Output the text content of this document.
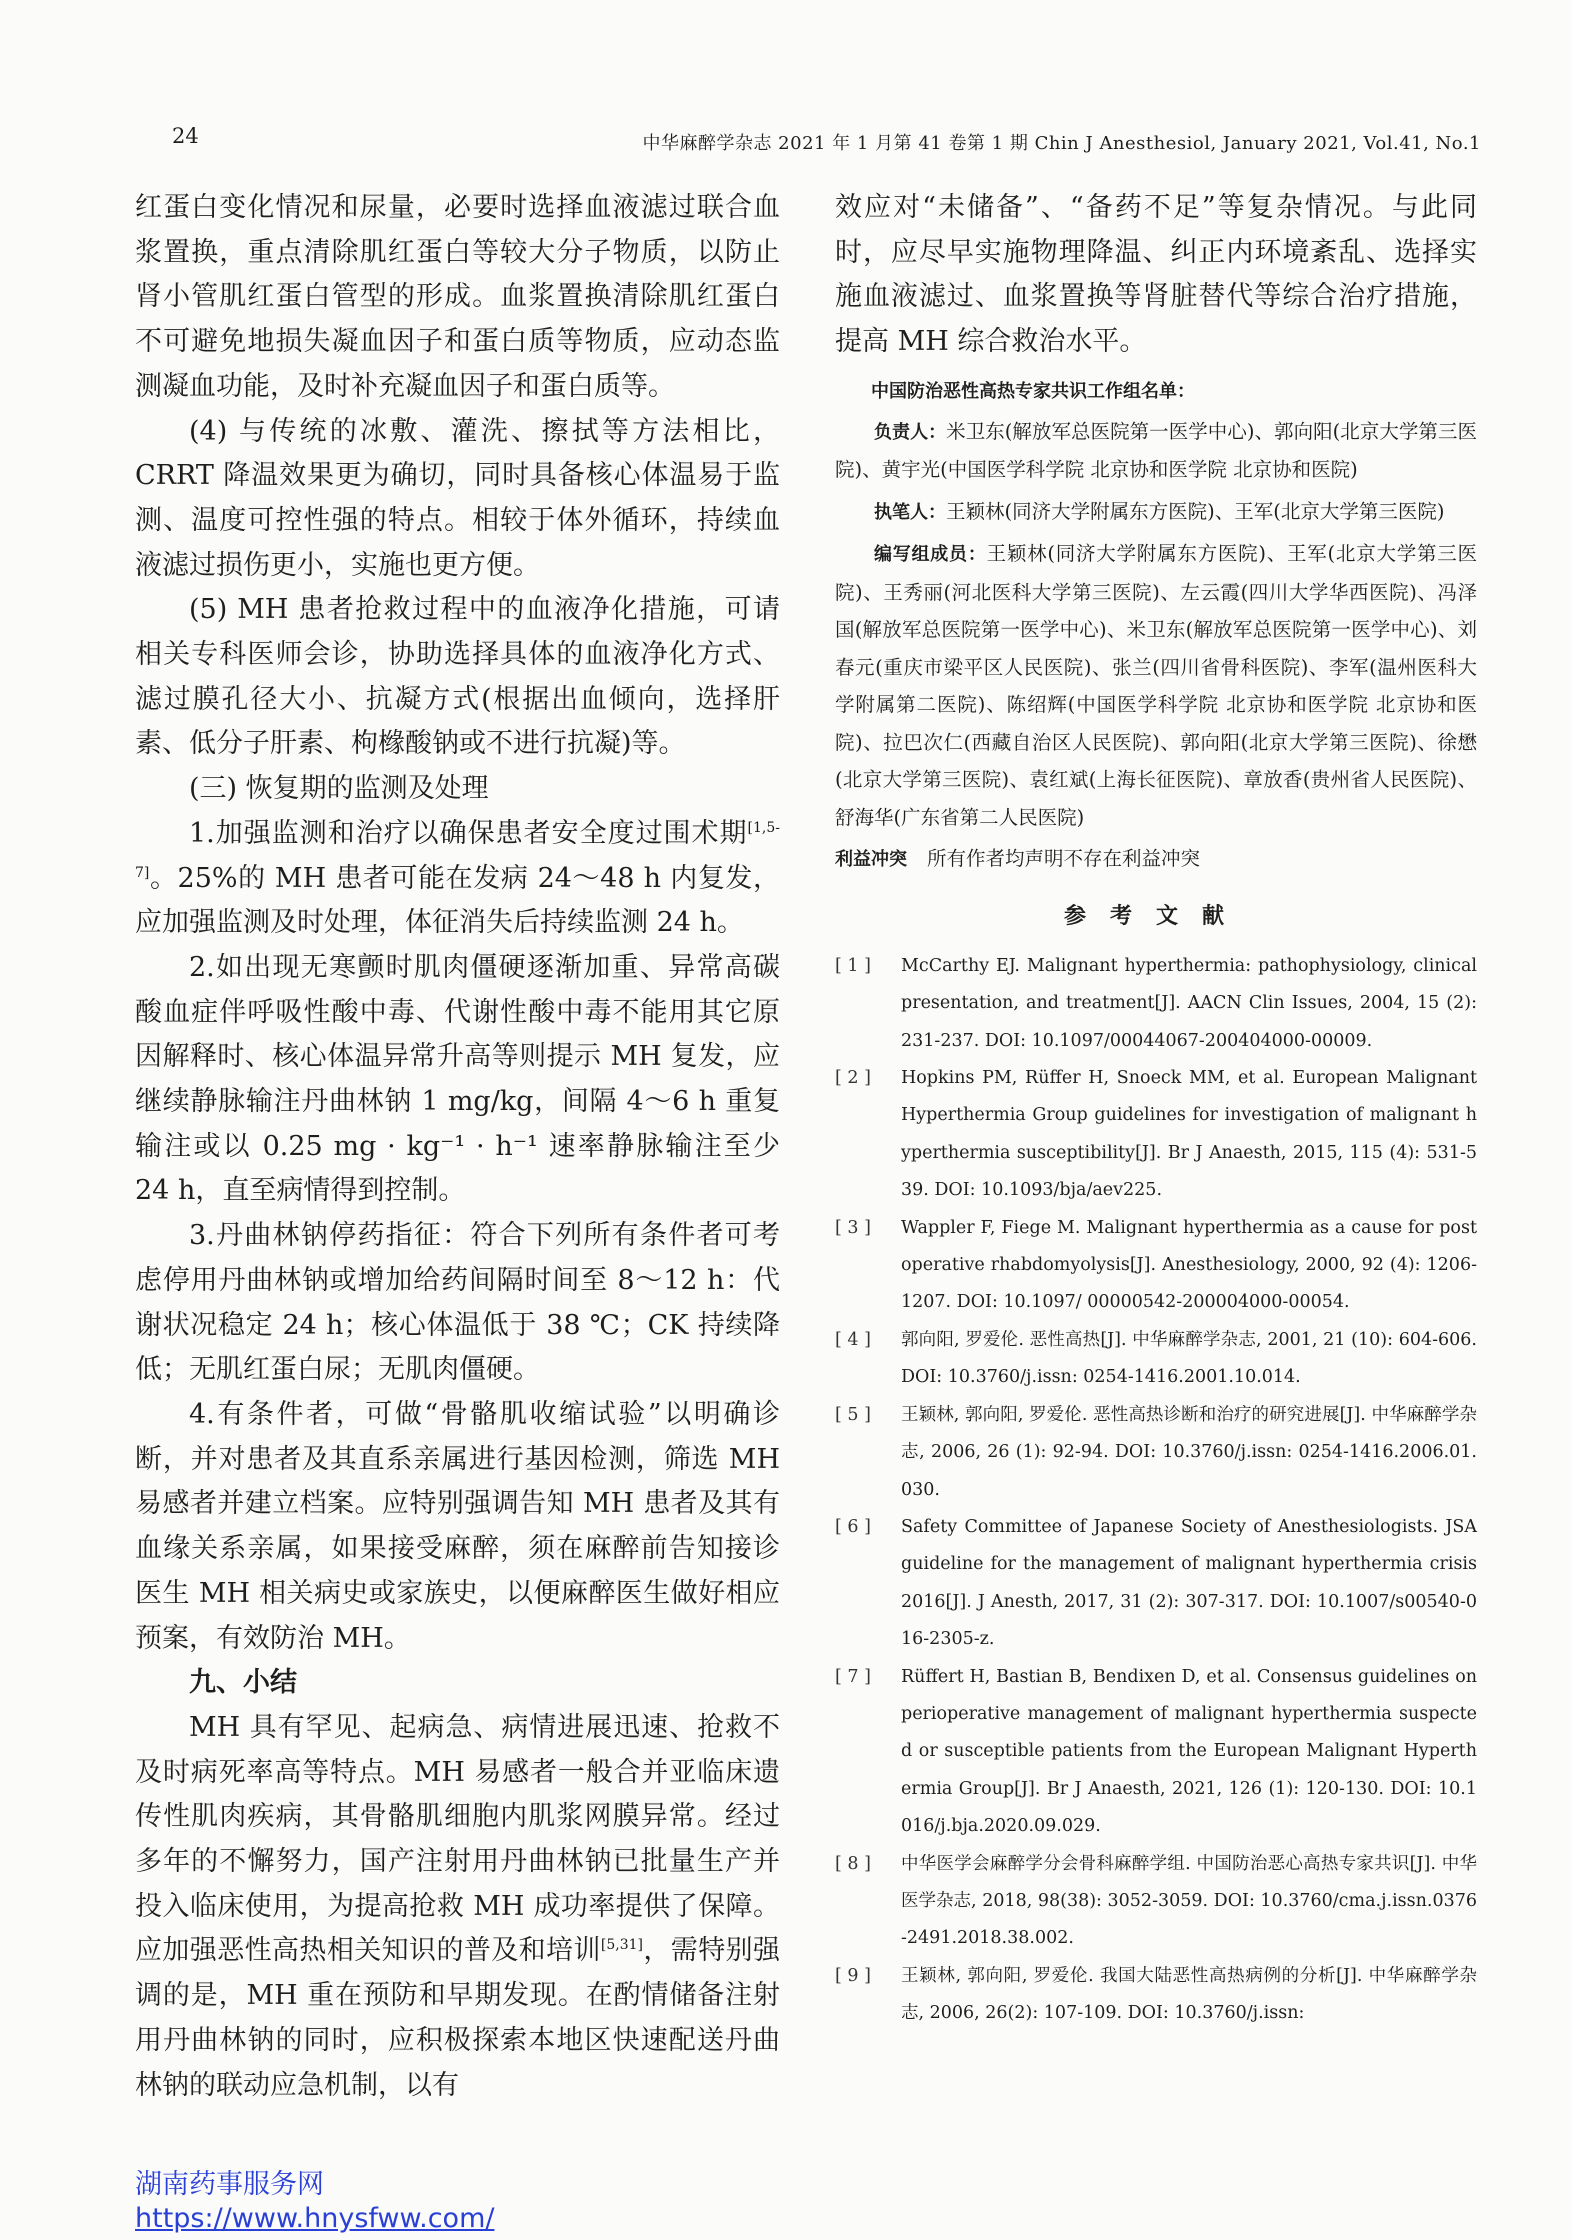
24	中华麻醉学杂志 2021 年 1 月第 41 卷第 1 期 Chin J Anesthesiol, January 2021, Vol.41, No.1

红蛋白变化情况和尿量，必要时选择血液滤过联合血浆置换，重点清除肌红蛋白等较大分子物质，以防止肾小管肌红蛋白管型的形成。血浆置换清除肌红蛋白不可避免地损失凝血因子和蛋白质等物质，应动态监测凝血功能，及时补充凝血因子和蛋白质等。

(4) 与传统的冰敷、灌洗、擦拭等方法相比，CRRT 降温效果更为确切，同时具备核心体温易于监测、温度可控性强的特点。相较于体外循环，持续血液滤过损伤更小，实施也更方便。

(5) MH 患者抢救过程中的血液净化措施，可请相关专科医师会诊，协助选择具体的血液净化方式、滤过膜孔径大小、抗凝方式(根据出血倾向，选择肝素、低分子肝素、枸橼酸钠或不进行抗凝)等。

(三) 恢复期的监测及处理

1.加强监测和治疗以确保患者安全度过围术期[1,5-7]。25%的 MH 患者可能在发病 24～48 h 内复发，应加强监测及时处理，体征消失后持续监测 24 h。

2.如出现无寒颤时肌肉僵硬逐渐加重、异常高碳酸血症伴呼吸性酸中毒、代谢性酸中毒不能用其它原因解释时、核心体温异常升高等则提示 MH 复发，应继续静脉输注丹曲林钠 1 mg/kg，间隔 4～6 h 重复输注或以 0.25 mg · kg⁻¹ · h⁻¹ 速率静脉输注至少 24 h，直至病情得到控制。

3.丹曲林钠停药指征：符合下列所有条件者可考虑停用丹曲林钠或增加给药间隔时间至 8～12 h：代谢状况稳定 24 h；核心体温低于 38 ℃；CK 持续降低；无肌红蛋白尿；无肌肉僵硬。

4.有条件者，可做“骨骼肌收缩试验”以明确诊断，并对患者及其直系亲属进行基因检测，筛选 MH 易感者并建立档案。应特别强调告知 MH 患者及其有血缘关系亲属，如果接受麻醉，须在麻醉前告知接诊医生 MH 相关病史或家族史，以便麻醉医生做好相应预案，有效防治 MH。

九、小结

MH 具有罕见、起病急、病情进展迅速、抢救不及时病死率高等特点。MH 易感者一般合并亚临床遗传性肌肉疾病，其骨骼肌细胞内肌浆网膜异常。经过多年的不懈努力，国产注射用丹曲林钠已批量生产并投入临床使用，为提高抢救 MH 成功率提供了保障。应加强恶性高热相关知识的普及和培训[5,31]，需特别强调的是，MH 重在预防和早期发现。在酌情储备注射用丹曲林钠的同时，应积极探索本地区快速配送丹曲林钠的联动应急机制，以有

效应对“未储备”、“备药不足”等复杂情况。与此同时，应尽早实施物理降温、纠正内环境紊乱、选择实施血液滤过、血浆置换等肾脏替代等综合治疗措施，提高 MH 综合救治水平。

中国防治恶性高热专家共识工作组名单：

负责人：米卫东(解放军总医院第一医学中心)、郭向阳(北京大学第三医院)、黄宇光(中国医学科学院 北京协和医学院 北京协和医院)

执笔人：王颖林(同济大学附属东方医院)、王军(北京大学第三医院)

编写组成员：王颖林(同济大学附属东方医院)、王军(北京大学第三医院)、王秀丽(河北医科大学第三医院)、左云霞(四川大学华西医院)、冯泽国(解放军总医院第一医学中心)、米卫东(解放军总医院第一医学中心)、刘春元(重庆市梁平区人民医院)、张兰(四川省骨科医院)、李军(温州医科大学附属第二医院)、陈绍辉(中国医学科学院 北京协和医学院 北京协和医院)、拉巴次仁(西藏自治区人民医院)、郭向阳(北京大学第三医院)、徐懋(北京大学第三医院)、袁红斌(上海长征医院)、章放香(贵州省人民医院)、舒海华(广东省第二人民医院)

利益冲突 所有作者均声明不存在利益冲突

参考文献
[ 1 ]	McCarthy EJ. Malignant hyperthermia: pathophysiology, clinical presentation, and treatment[J]. AACN Clin Issues, 2004, 15 (2): 231-237. DOI: 10.1097/00044067-200404000-00009.
[ 2 ]	Hopkins PM, Rüffer H, Snoeck MM, et al. European Malignant Hyperthermia Group guidelines for investigation of malignant hyperthermia susceptibility[J]. Br J Anaesth, 2015, 115 (4): 531-539. DOI: 10.1093/bja/aev225.
[ 3 ]	Wappler F, Fiege M. Malignant hyperthermia as a cause for postoperative rhabdomyolysis[J]. Anesthesiology, 2000, 92 (4): 1206-1207. DOI: 10.1097/ 00000542-200004000-00054.
[ 4 ]	郭向阳, 罗爱伦. 恶性高热[J]. 中华麻醉学杂志, 2001, 21 (10): 604-606. DOI: 10.3760/j.issn: 0254-1416.2001.10.014.
[ 5 ]	王颖林, 郭向阳, 罗爱伦. 恶性高热诊断和治疗的研究进展[J]. 中华麻醉学杂志, 2006, 26 (1): 92-94. DOI: 10.3760/j.issn: 0254-1416.2006.01.030.
[ 6 ]	Safety Committee of Japanese Society of Anesthesiologists. JSA guideline for the management of malignant hyperthermia crisis 2016[J]. J Anesth, 2017, 31 (2): 307-317. DOI: 10.1007/s00540-016-2305-z.
[ 7 ]	Rüffert H, Bastian B, Bendixen D, et al. Consensus guidelines on perioperative management of malignant hyperthermia suspected or susceptible patients from the European Malignant Hyperthermia Group[J]. Br J Anaesth, 2021, 126 (1): 120-130. DOI: 10.1016/j.bja.2020.09.029.
[ 8 ]	中华医学会麻醉学分会骨科麻醉学组. 中国防治恶心高热专家共识[J]. 中华医学杂志, 2018, 98(38): 3052-3059. DOI: 10.3760/cma.j.issn.0376-2491.2018.38.002.
[ 9 ]	王颖林, 郭向阳, 罗爱伦. 我国大陆恶性高热病例的分析[J]. 中华麻醉学杂志, 2006, 26(2): 107-109. DOI: 10.3760/j.issn:
湖南药事服务网
https://www.hnysfww.com/
